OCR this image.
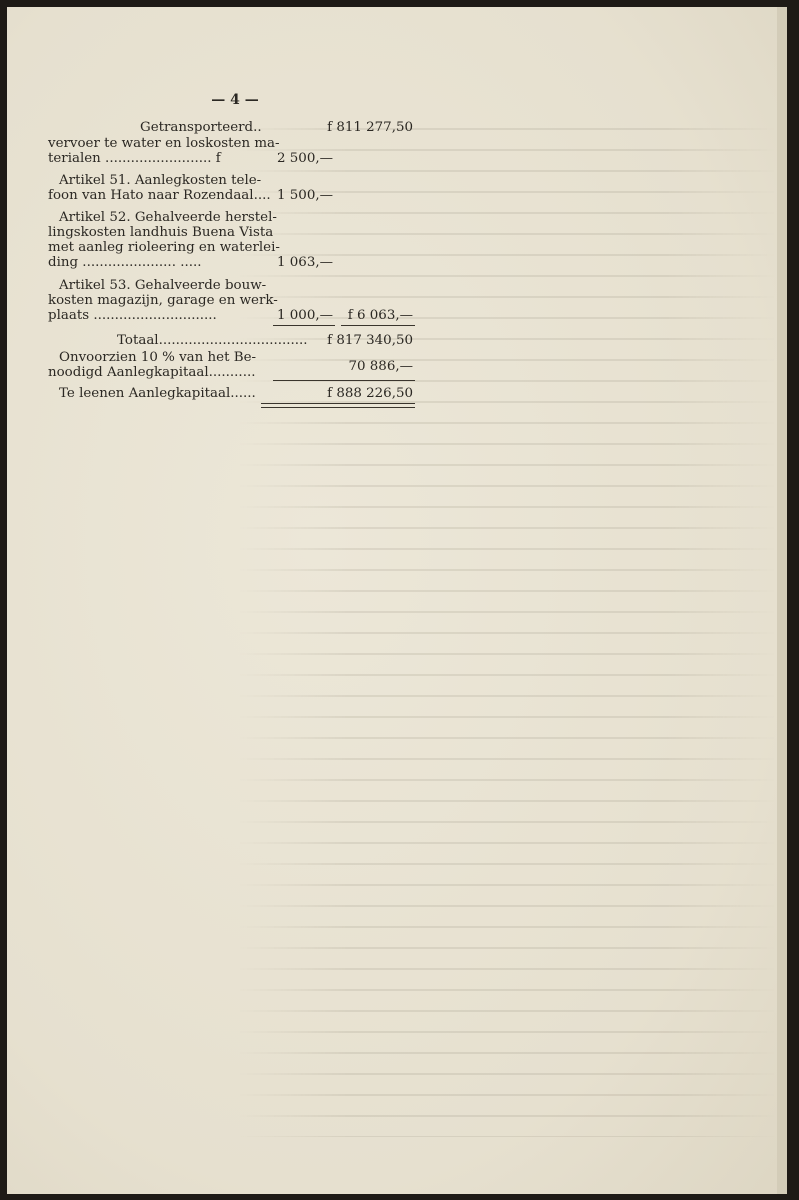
— 4 —
Getransporteerd..	f 811 277,50
vervoer te water en loskosten ma-
terialen ......................... f	2 500,—
Artikel 51. Aanlegkosten tele-
foon van Hato naar Rozendaal.... 1 500,—
Artikel 52. Gehalveerde herstel-
lingskosten landhuis Buena Vista
met aanleg rioleering en waterlei-
ding ...................... .....	1 063,—
Artikel 53. Gehalveerde bouw-
kosten magazijn, garage en werk-
plaats .............................	1 000,—	f 6 063,—
Totaal...................................	f 817 340,50
Onvoorzien 10 % van het Be-
noodigd Aanlegkapitaal...........	70 886,—
Te leenen Aanlegkapitaal......	f 888 226,50
